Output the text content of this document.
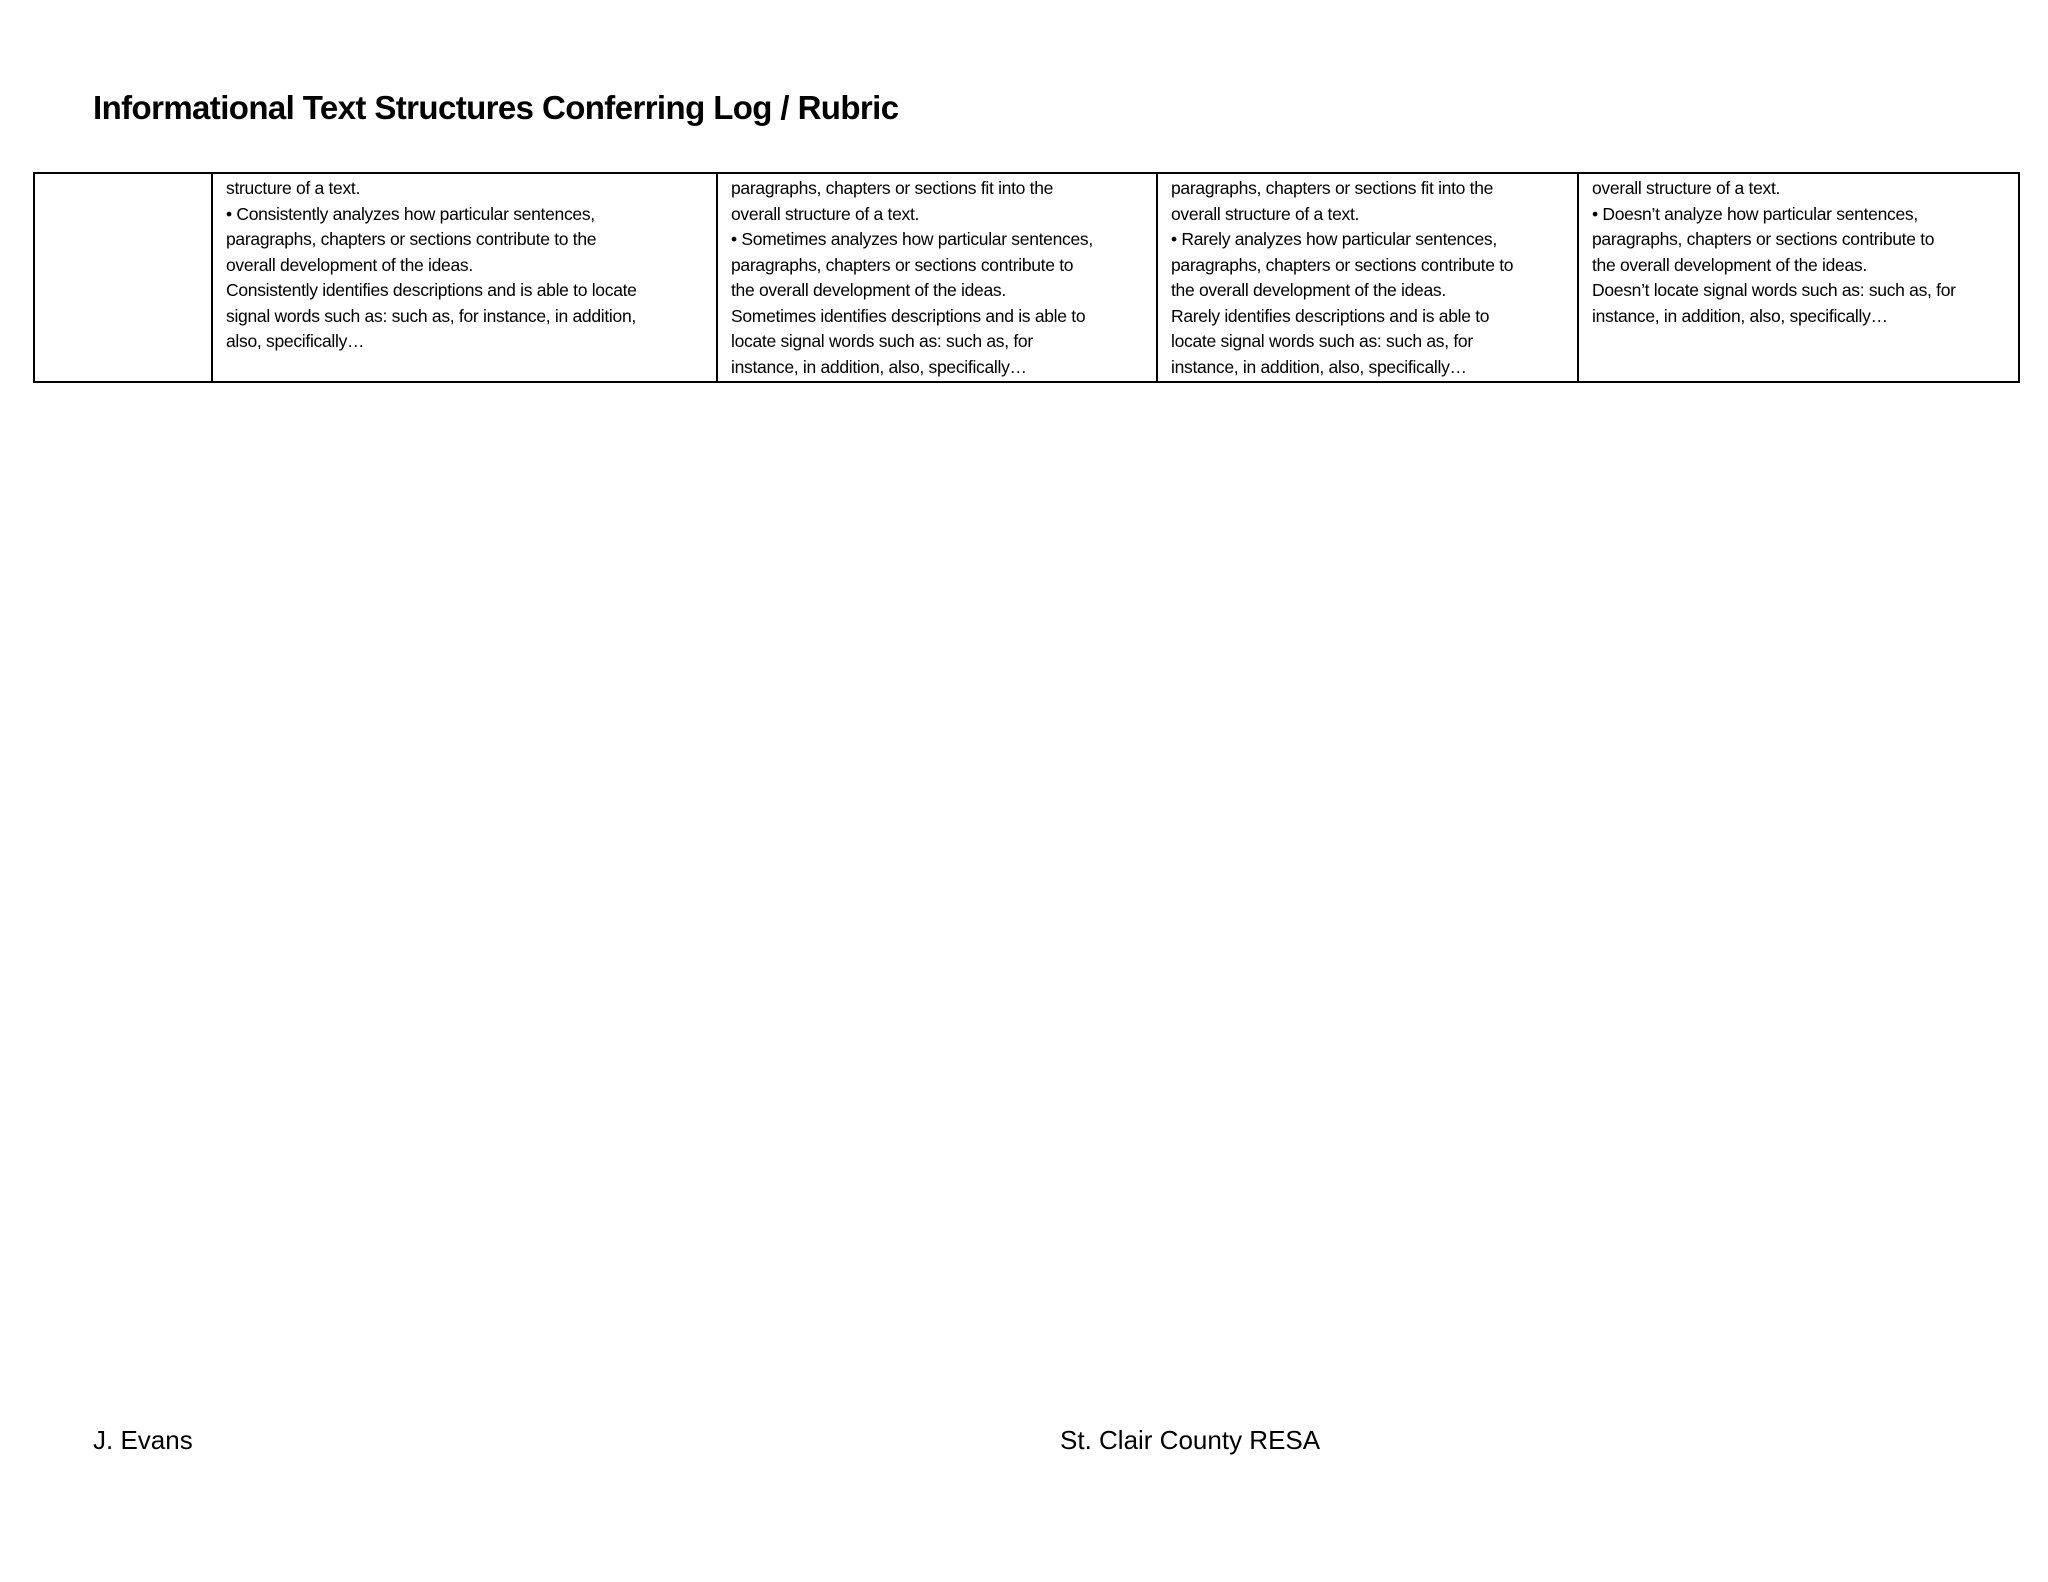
Informational Text Structures Conferring Log / Rubric

structure of a text.
• Consistently analyzes how particular sentences,
paragraphs, chapters or sections contribute to the
overall development of the ideas.
Consistently identifies descriptions and is able to locate
signal words such as: such as, for instance, in addition,
also, specifically…

paragraphs, chapters or sections fit into the
overall structure of a text.
• Sometimes analyzes how particular sentences,
paragraphs, chapters or sections contribute to
the overall development of the ideas.
Sometimes identifies descriptions and is able to
locate signal words such as: such as, for
instance, in addition, also, specifically…

paragraphs, chapters or sections fit into the
overall structure of a text.
• Rarely analyzes how particular sentences,
paragraphs, chapters or sections contribute to
the overall development of the ideas.
Rarely identifies descriptions and is able to
locate signal words such as: such as, for
instance, in addition, also, specifically…

overall structure of a text.
• Doesn’t analyze how particular sentences,
paragraphs, chapters or sections contribute to
the overall development of the ideas.
Doesn’t locate signal words such as: such as, for
instance, in addition, also, specifically…
J. Evans	St. Clair County RESA
